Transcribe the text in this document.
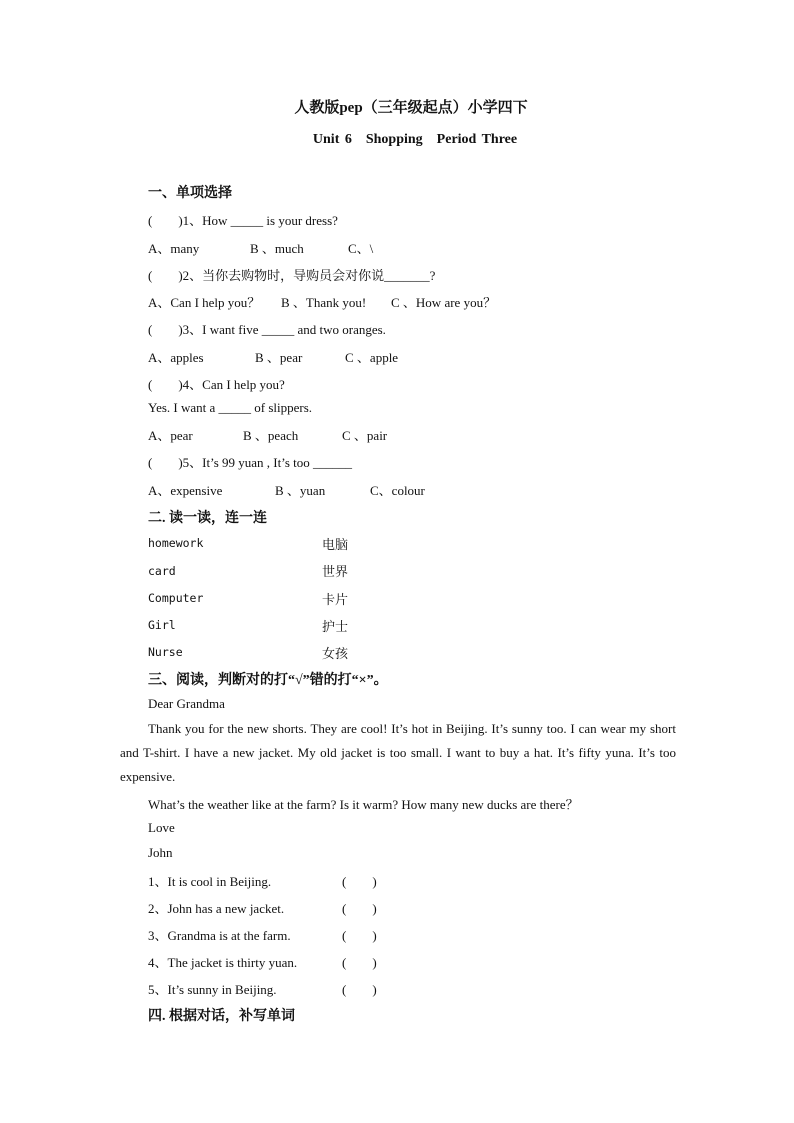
人教版pep（三年级起点）小学四下
Unit 6　Shopping　Period Three
一、单项选择
(　　)1、How _____ is your dress?
A、many	B 、much	C、\
(　　)2、当你去购物时，导购员会对你说_______?
A、Can I help you？ B 、Thank you! C 、How are you？
(　　)3、I want five _____ and two oranges.
A、apples	B 、pear	C 、apple
(　　)4、Can I help you?
Yes. I want a _____ of slippers.
A、pear	B 、peach	C 、pair
(　　)5、It’s 99 yuan , It’s too ______
A、expensive	B 、yuan	C、colour
二. 读一读，连一连
homework	电脑
card	世界
Computer	卡片
Girl	护士
Nurse	女孩
三、阅读，判断对的打“√”错的打“×”。
Dear Grandma
Thank you for the new shorts. They are cool! It’s hot in Beijing. It’s sunny too. I can wear my short and T-shirt. I have a new jacket. My old jacket is too small. I want to buy a hat. It’s fifty yuna. It’s too expensive.
What’s the weather like at the farm? Is it warm? How many new ducks are there？
Love
John
1、It is cool in Beijing.	(　　)
2、John has a new jacket.	(　　)
3、Grandma is at the farm.	(　　)
4、The jacket is thirty yuan.	(　　)
5、It’s sunny in Beijing.	(　　)
四. 根据对话，补写单词
